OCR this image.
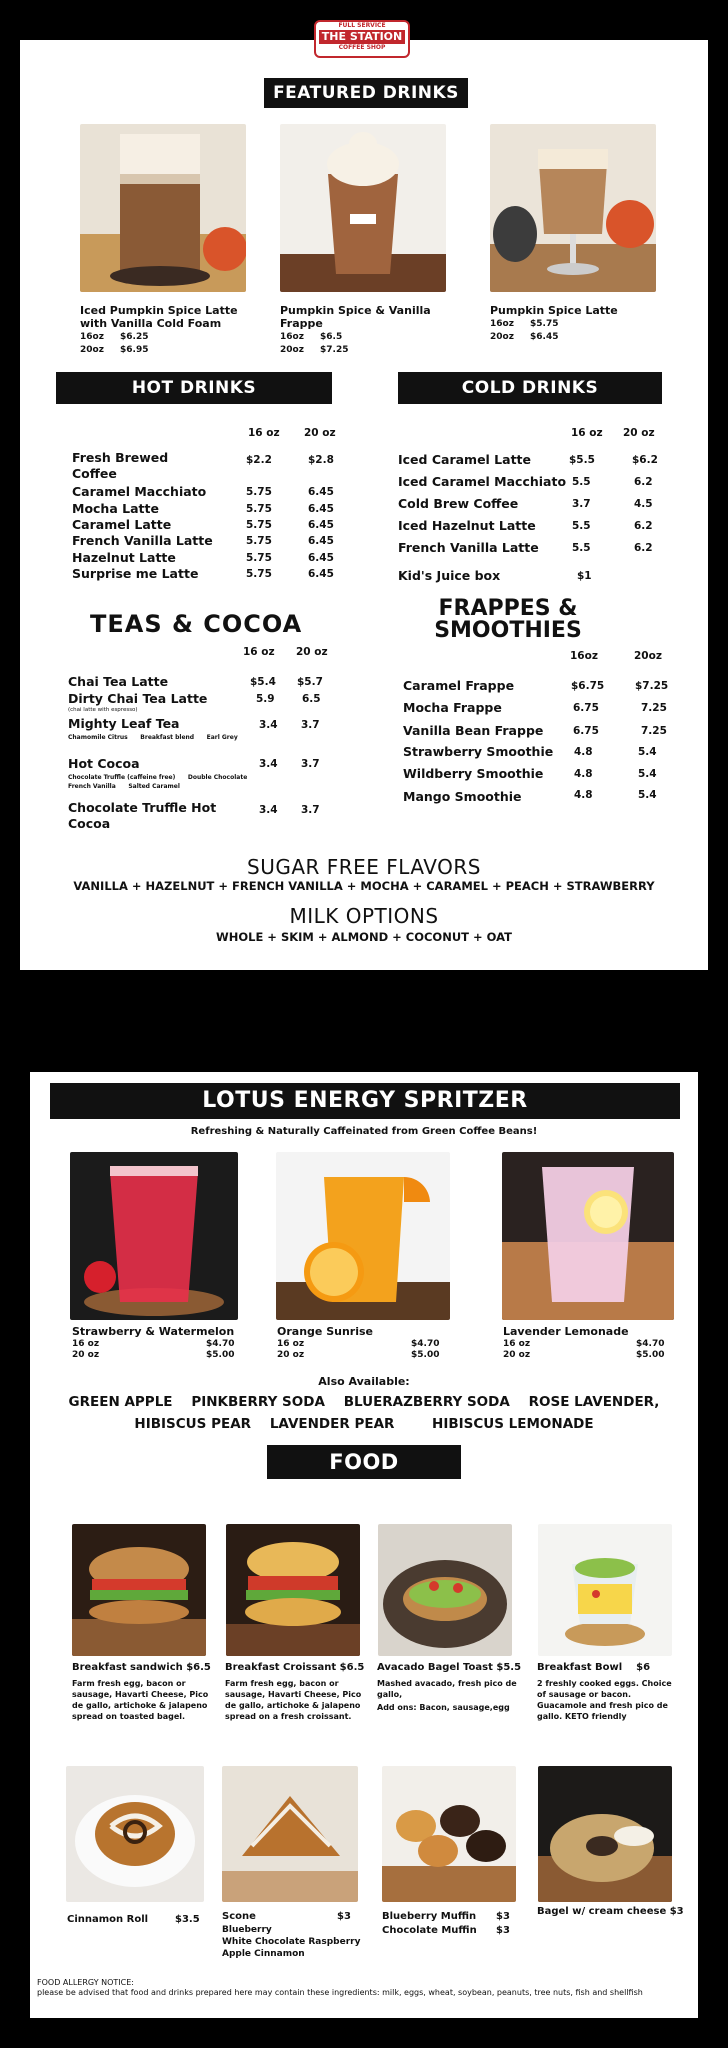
FULL SERVICE
THE STATION
COFFEE SHOP
FEATURED DRINKS
Iced Pumpkin Spice Latte with Vanilla Cold Foam
16oz $6.25
20oz $6.95
Pumpkin Spice & Vanilla Frappe
16oz $6.5
20oz $7.25
Pumpkin Spice Latte
16oz $5.75
20oz $6.45
HOT DRINKS
16 oz 20 oz
Fresh Brewed Coffee
$2.2	$2.8
Caramel Macchiato	5.75	6.45
Mocha Latte	5.75	6.45
Caramel Latte	5.75	6.45
French Vanilla Latte	5.75	6.45
Hazelnut Latte	5.75	6.45
Surprise me Latte	5.75	6.45
COLD DRINKS
16 oz 20 oz
Iced Caramel Latte	$5.5	$6.2
Iced Caramel Macchiato 5.5	6.2
Cold Brew Coffee	3.7	4.5
Iced Hazelnut Latte	5.5	6.2
French Vanilla Latte	5.5	6.2
Kid's Juice box	$1
TEAS & COCOA
16 oz 20 oz
Chai Tea Latte	$5.4 $5.7
Dirty Chai Tea Latte
(chai latte with espresso)
5.9	6.5
Mighty Leaf Tea
Chamomile Citrus      Breakfast blend      Earl Grey
3.4 3.7
Hot Cocoa
Chocolate Truffle (caffeine free)      Double Chocolate
French Vanilla      Salted Caramel
3.4 3.7
Chocolate Truffle Hot Cocoa
3.4 3.7
FRAPPES &
SMOOTHIES
16oz	20oz
Caramel Frappe	$6.75	$7.25
Mocha Frappe	6.75	7.25
Vanilla Bean Frappe	6.75	7.25
Strawberry Smoothie 4.8	5.4
Wildberry Smoothie	4.8	5.4
Mango Smoothie	4.8	5.4
SUGAR FREE FLAVORS
VANILLA + HAZELNUT + FRENCH VANILLA + MOCHA + CARAMEL + PEACH + STRAWBERRY
MILK OPTIONS
WHOLE + SKIM + ALMOND + COCONUT + OAT
LOTUS ENERGY SPRITZER
Refreshing & Naturally Caffeinated from Green Coffee Beans!
Strawberry & Watermelon
16 oz	$4.70
20 oz	$5.00
Orange Sunrise
16 oz	$4.70
20 oz	$5.00
Lavender Lemonade
16 oz	$4.70
20 oz	$5.00
Also Available:
GREEN APPLE    PINKBERRY SODA    BLUERAZBERRY SODA    ROSE LAVENDER,
HIBISCUS PEAR    LAVENDER PEAR        HIBISCUS LEMONADE
FOOD
Breakfast sandwich $6.5
Farm fresh egg, bacon or sausage, Havarti Cheese, Pico de gallo, artichoke & jalapeno spread on toasted bagel.
Breakfast Croissant $6.5
Farm fresh egg, bacon or sausage, Havarti Cheese, Pico de gallo, artichoke & jalapeno spread on a fresh croissant.
Avacado Bagel Toast $5.5
Mashed avacado, fresh pico de gallo,
Add ons: Bacon, sausage,egg
Breakfast Bowl    $6
2 freshly cooked eggs. Choice of sausage or bacon. Guacamole and fresh pico de gallo. KETO friendly
Cinnamon Roll	$3.5 Scone	$3
Blueberry
White Chocolate Raspberry
Apple Cinnamon
Blueberry Muffin $3
Chocolate Muffin $3
Bagel w/ cream cheese $3
FOOD ALLERGY NOTICE:
please be advised that food and drinks prepared here may contain these ingredients: milk, eggs, wheat, soybean, peanuts, tree nuts, fish and shellfish
